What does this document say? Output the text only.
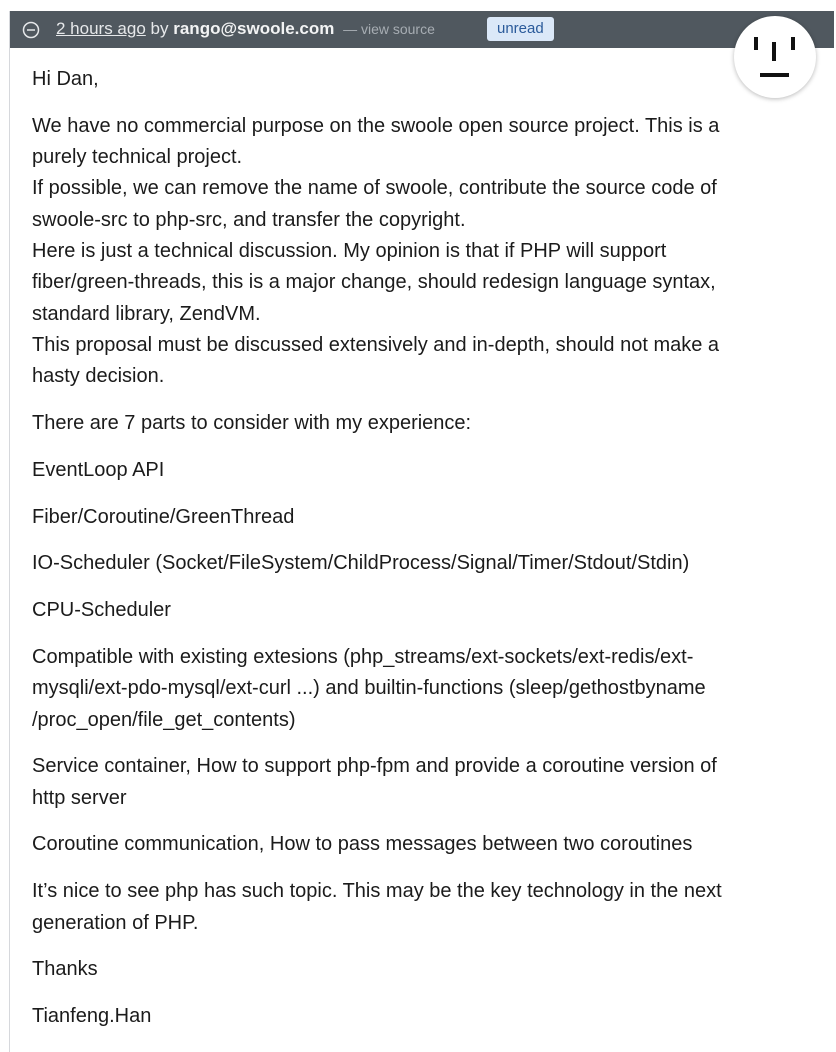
2 hours ago by rango@swoole.com — view source	unread

Hi Dan,

We have no commercial purpose on the swoole open source project. This is a purely technical project.
If possible, we can remove the name of swoole, contribute the source code of swoole-src to php-src, and transfer the copyright.
Here is just a technical discussion. My opinion is that if PHP will support fiber/green-threads, this is a major change, should redesign language syntax, standard library, ZendVM.
This proposal must be discussed extensively and in-depth, should not make a hasty decision.

There are 7 parts to consider with my experience:

EventLoop API

Fiber/Coroutine/GreenThread

IO-Scheduler (Socket/FileSystem/ChildProcess/Signal/Timer/Stdout/Stdin)

CPU-Scheduler

Compatible with existing extesions (php_streams/ext-sockets/ext-redis/ext-mysqli/ext-pdo-mysql/ext-curl ...) and builtin-functions (sleep/gethostbyname /proc_open/file_get_contents)

Service container, How to support php-fpm and provide a coroutine version of http server

Coroutine communication, How to pass messages between two coroutines

It’s nice to see php has such topic. This may be the key technology in the next generation of PHP.

Thanks

Tianfeng.Han
